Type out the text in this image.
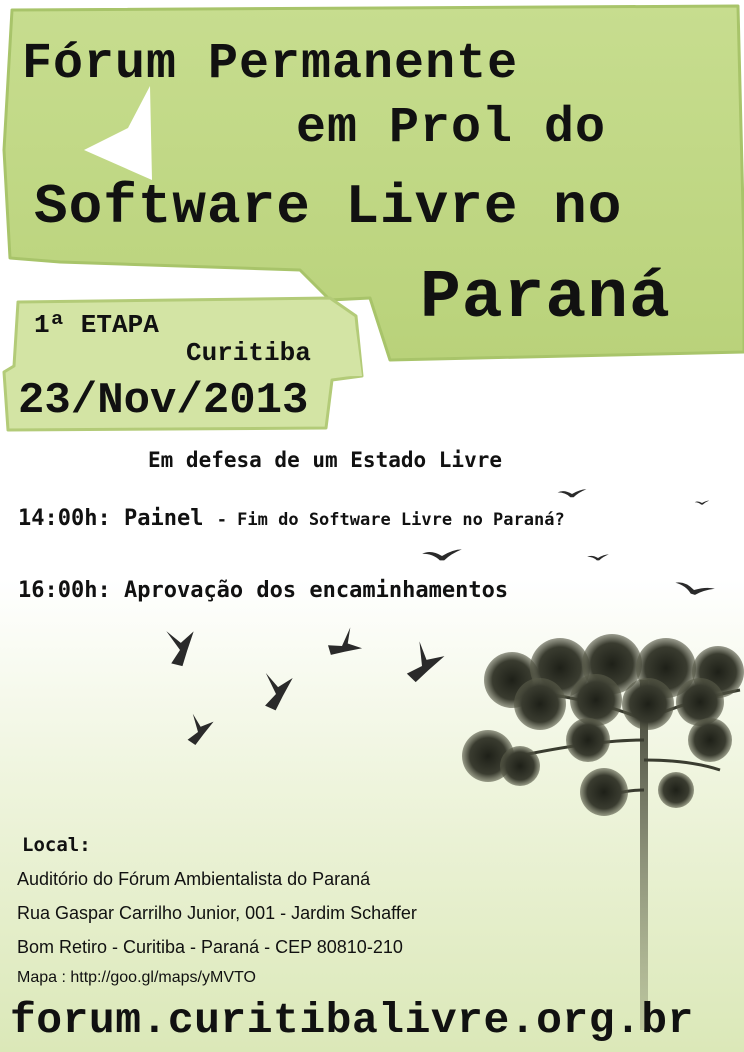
Fórum Permanente
em Prol do
Software Livre no
Paraná
1ª ETAPA
Curitiba
23/Nov/2013
Em defesa de um Estado Livre
14:00h: Painel - Fim do Software Livre no Paraná?
16:00h: Aprovação dos encaminhamentos
Local:
Auditório do Fórum Ambientalista do Paraná
Rua Gaspar Carrilho Junior, 001 - Jardim Schaffer
Bom Retiro - Curitiba - Paraná - CEP 80810-210
Mapa : http://goo.gl/maps/yMVTO
forum.curitibalivre.org.br
